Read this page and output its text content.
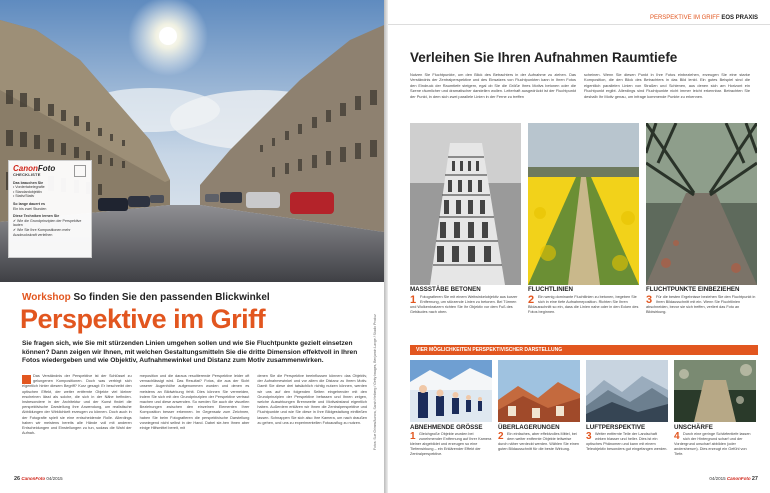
CanonFoto
CHECKLISTE
Das brauchen Sie
• Vordertabelegrafie
• Standardobjektiv
• Stativ/Stativ
So lange dauert es
Ein bis zwei Stunden
Diese Techniken lernen Sie
✔ Wie die Grundprinzipien der Perspektive lauten
✔ Wie Sie Ihre Kompositionen mehr Ausdruckskraft verleihen
Fotos: Sue Grimm/Aurora, Sarah Helberg / Getty Images, Benjamin Lange / Studio Produz
Workshop So finden Sie den passenden Blickwinkel
Perspektive im Griff
Sie fragen sich, wie Sie mit stürzenden Linien umgehen sollen und wie Sie Fluchtpunkte gezielt einsetzen können? Dann zeigen wir Ihnen, mit welchen Gestaltungsmitteln Sie die dritte Dimension effektvoll in Ihren Fotos wiedergeben und wie Objektiv, Aufnahmewinkel und Distanz zum Motiv zusammenwirken.
Das Verständnis der Perspektive ist der Schlüssel zu gelungenen Kompositionen. Doch was verbirgt sich eigentlich hinter diesem Begriff? Kurz gesagt: Er beschreibt den optischen Effekt, der weiter entfernte Objekte viel kleiner erscheinen lässt als solche, die sich in der Nähe befinden. Insbesondere in der Architektur und der Kunst findet die perspektivische Darstellung ihre Anwendung, um realistische Abbildungen der Wirklichkeit erzeugen zu können. Doch auch in der Fotografie spielt sie eine entscheidende Rolle. Allerdings haben wir meistens bereits alle Hände voll mit anderen Entscheidungen und Einstellungen zu tun, sodass die Wahl der Aufnah-
meposition und die daraus resultierende Perspektive leider oft vernachlässigt wird. Das Resultat? Fotos, die aus der Sicht unserer Augenhöhe aufgenommen wurden und denen es meistens an Bildwirkung fehlt. Dies können Sie vermeiden, indem Sie sich mit den Grundprinzipien der Perspektive vertraut machen und diese anwenden. So werden Sie auch die visuellen Beziehungen zwischen den einzelnen Elementen Ihrer Komposition besser erkennen. Im Gegensatz zum Zeichnen, haben Sie beim Fotografieren die perspektivische Darstellung vorwiegend nicht selbst in der Hand. Dabei sie-hen Ihnen aber einige Hilfsmittel bereit, mit
denen Sie die Perspektive beeinflussen können: das Objektiv, der Aufnahmewinkel und vor allem die Distanz zu Ihrem Motiv. Damit Sie diese drei tatsächlich richtig nutzen können, werden wir uns auf den folgenden Seiten eingehender mit den Grundprinzipien der Perspektive befassen und Ihnen zeigen, welche Auswirkungen Brennweite und Motivabstand eigentlich haben. Außerdem erklären wir Ihnen die Zentralperspektive und Fluchtpunkte und wie Sie diese in Ihre Bildgestaltung einfließen lassen. Schnappen Sie sich also Ihre Kamera, um nach draußen zu gehen, und uns zu experimentellen Fotoausflug zu nutzen.
26 CanonFoto 04/2015
PERSPEKTIVE IM GRIFF EOS PRAXIS
Verleihen Sie Ihren Aufnahmen Raumtiefe
Nutzen Sie Fluchtpunkte, um den Blick des Betrachters in der Aufnahme zu ziehen. Das Verständnis der Zentralperspektive und des Einsatzes von Fluchtpunkten kann in Ihren Fotos den Eindruck der Raumtiefe steigern, egal ob Sie die Größe Ihres Motivs betonen oder die Szene räumlicher und dramatischer darstellen wollen. Leiterhaft ausgedrückt ist der Fluchtpunkt der Punkt, in dem sich zwei parallele Linien in der Ferne zu treffen
scheinen. Wenn Sie diesen Punkt in Ihre Fotos einbeziehen, erzeugen Sie eine starke Komposition, die den Blick des Betrachters in das Bild lenkt. Ein gutes Beispiel sind die eigentlich parallelen Linien von Straßen und Schienen, aus denen sich am Horizont ein Fluchtpunkt ergibt. Allerdings sind Fluchtpunkte nicht immer leicht erkennbar. Betrachten Sie deshalb Ihr Motiv genau, um infrage kommende Punkte zu erkennen.
MASSSTÄBE BETONEN
1	Fotografieren Sie mit einem Weitwinkelobjektiv aus kurzer Entfernung, um stürzende Linien zu betonen. Bei Türmen und Wolkenkratzern richten Sie Ihr Objektiv vor dem Fuß des Gebäudes nach oben.
FLUCHTLINIEN
2	Ein wenig dominante Fluchtlinien zu betonen, begeben Sie sich in eine tiefe Aufnahmeposition. Richten Sie Ihren Bildausschnitt so ein, dass die Linien nahe oder in den Ecken des Fotos beginnen.
FLUCHTPUNKTE EINBEZIEHEN
3	Für die besten Ergebnisse beziehen Sie den Fluchtpunkt in Ihren Bildausschnitt mit ein. Wenn Sie Fluchtlinien abschneiden, bevor sie sich treffen, verliert das Foto an Bildwirkung.
VIER MÖGLICHKEITEN PERSPEKTIVISCHER DARSTELLUNG
ABNEHMENDE GRÖSSE
1 Gleichgroße Objekte wurden bei zunehmender Entfernung auf Ihrer Kamera kleiner abgebildet und erzeugen so eine Tiefenwirkung – ein Erklärender Effekt der Zentralperspektive.
ÜBERLAGERUNGEN
2 Ein einfaches, aber effektvolles Mittel, bei dem weiter entfernte Objekte teilweise durch näher verdeckt werden. Wählen Sie einen guten Bildausschnitt für die beste Wirkung.
LUFTPERSPEKTIVE
3 Weiter entfernte Teile der Landschaft wirken blasser und heller. Dies ist ein optisches Phänomen und kann mit einem Teleobjektiv besonders gut eingefangen werden.
UNSCHÄRFE
4 Durch eine geringe Schärfentiefe lassen sich der Hintergrund scharf und der Vordergrund unscharf abbilden (oder andersherum). Dies erzeugt ein Gefühl von Tiefe.
04/2015 CanonFoto 27
